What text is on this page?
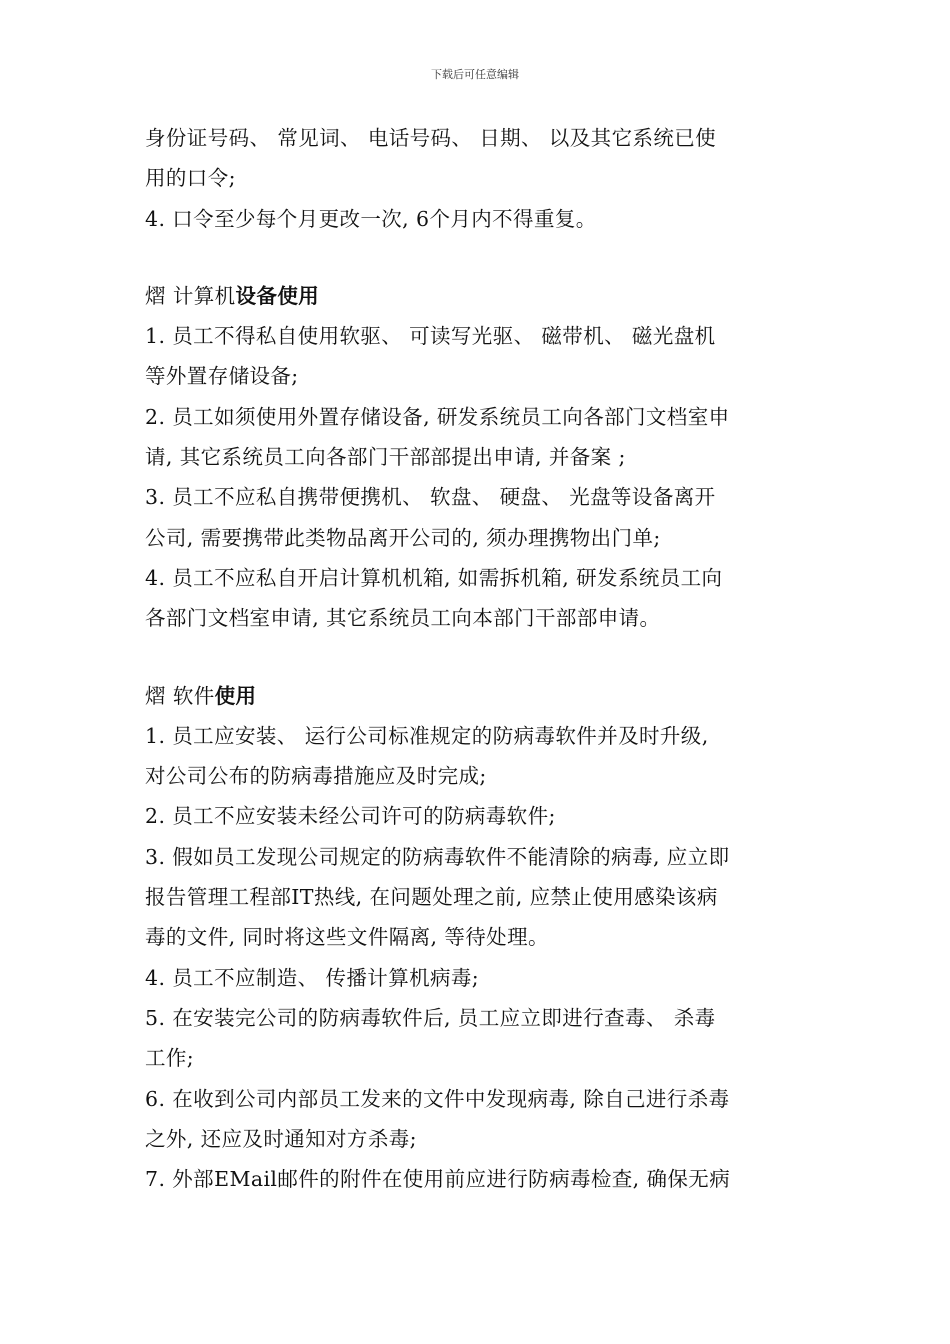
下载后可任意编辑
身份证号码、 常见词、 电话号码、 日期、 以及其它系统已使
用的口令;
4. 口令至少每个月更改一次, 6个月内不得重复。
熠 计算机设备使用
1. 员工不得私自使用软驱、 可读写光驱、 磁带机、 磁光盘机
等外置存储设备;
2. 员工如须使用外置存储设备, 研发系统员工向各部门文档室申
请, 其它系统员工向各部门干部部提出申请, 并备案 ;
3. 员工不应私自携带便携机、 软盘、 硬盘、 光盘等设备离开
公司, 需要携带此类物品离开公司的, 须办理携物出门单;
4. 员工不应私自开启计算机机箱, 如需拆机箱, 研发系统员工向
各部门文档室申请, 其它系统员工向本部门干部部申请。
熠 软件使用
1. 员工应安装、 运行公司标准规定的防病毒软件并及时升级,
对公司公布的防病毒措施应及时完成;
2. 员工不应安装未经公司许可的防病毒软件;
3. 假如员工发现公司规定的防病毒软件不能清除的病毒, 应立即
报告管理工程部IT热线, 在问题处理之前, 应禁止使用感染该病
毒的文件, 同时将这些文件隔离, 等待处理。
4. 员工不应制造、 传播计算机病毒;
5. 在安装完公司的防病毒软件后, 员工应立即进行查毒、 杀毒
工作;
6. 在收到公司内部员工发来的文件中发现病毒, 除自己进行杀毒
之外, 还应及时通知对方杀毒;
7. 外部EMail邮件的附件在使用前应进行防病毒检查, 确保无病
